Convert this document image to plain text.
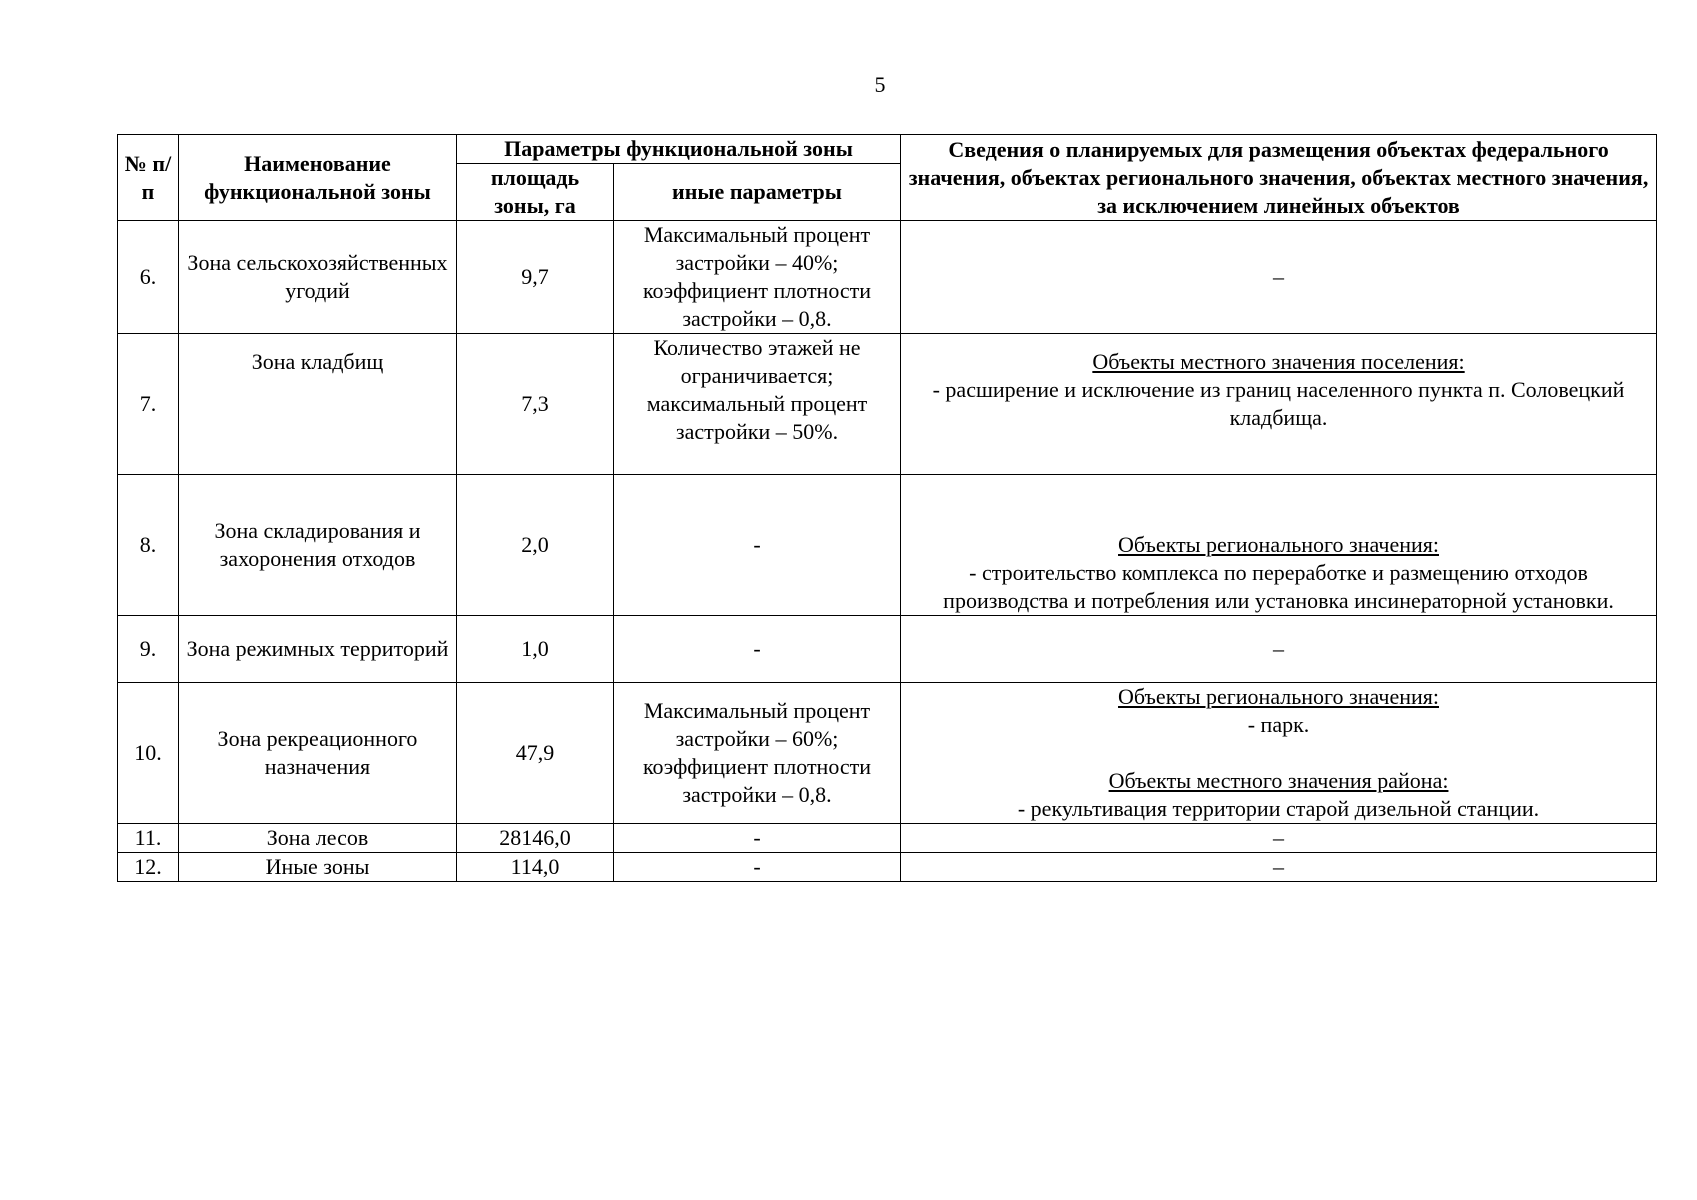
5
№ п/п	Наименование функциональной зоны	Параметры функциональной зоны		Сведения о планируемых для размещения объектах федерального значения, объектах регионального значения, объектах местного значения, за исключением линейных объектов
		площадь зоны, га	иные параметры	
6.	Зона сельскохозяйственных угодий	9,7	Максимальный процент застройки – 40%; коэффициент плотности застройки – 0,8.	–
7.	Зона кладбищ	7,3	Количество этажей не ограничивается; максимальный процент застройки – 50%.	Объекты местного значения поселения:
- расширение и исключение из границ населенного пункта п. Соловецкий кладбища.

8.	Зона складирования и захоронения отходов	2,0	-	Объекты регионального значения:
- строительство комплекса по переработке и размещению отходов производства и потребления или установка инсинераторной установки.

9.	Зона режимных территорий	1,0	-	–
10.	Зона рекреационного назначения	47,9	Максимальный процент застройки – 60%; коэффициент плотности застройки – 0,8.	Объекты регионального значения:
- парк.
Объекты местного значения района:
- рекультивация территории старой дизельной станции.

11.	Зона лесов	28146,0	-	–
12.	Иные зоны	114,0	-	–
